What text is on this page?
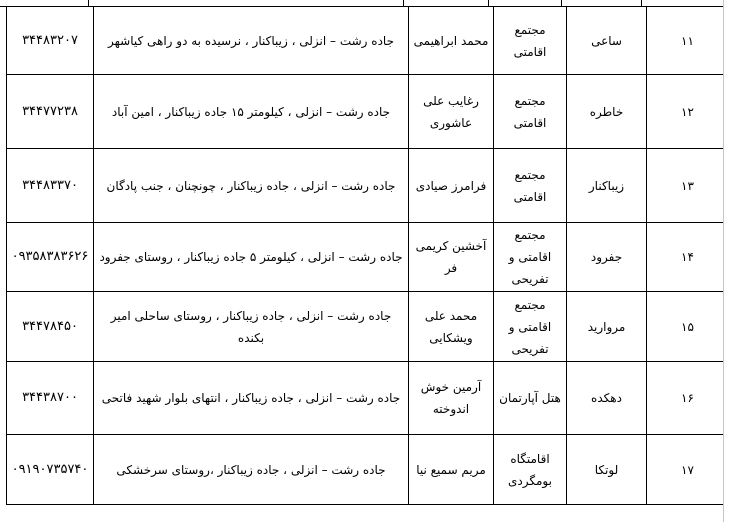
۱۱	ساعی	مجتمع اقامتی	محمد ابراهیمی	جاده رشت – انزلی ، زیباکنار ، نرسیده به دو راهی کیاشهر	۳۴۴۸۳۲۰۷
۱۲	خاطره	مجتمع اقامتی	رغایب علی عاشوری	جاده رشت – انزلی ، کیلومتر ۱۵ جاده زیباکنار ، امین آباد	۳۴۴۷۷۲۳۸
۱۳	زیباکنار	مجتمع اقامتی	فرامرز صیادی	جاده رشت – انزلی ، جاده زیباکنار ، چونچنان ، جنب پادگان	۳۴۴۸۳۳۷۰
۱۴	جفرود	مجتمع اقامتی و تفریحی	آخشین کریمی فر	جاده رشت – انزلی ، کیلومتر ۵ جاده زیباکنار ، روستای جفرود	۰۹۳۵۸۳۸۳۶۲۶
۱۵	مروارید	مجتمع اقامتی و تفریحی	محمد علی ویشکایی	جاده رشت – انزلی ، جاده زیباکنار ، روستای ساحلی امیر بکنده	۳۴۴۷۸۴۵۰
۱۶	دهکده	هتل آپارتمان	آرمین خوش اندوخته	جاده رشت – انزلی ، جاده زیباکنار ، انتهای بلوار شهید فاتحی	۳۴۴۳۸۷۰۰
۱۷	لوتکا	اقامتگاه بومگردی	مریم سمیع نیا	جاده رشت – انزلی ، جاده زیباکنار ،روستای سرخشکی	۰۹۱۹۰۷۳۵۷۴۰
